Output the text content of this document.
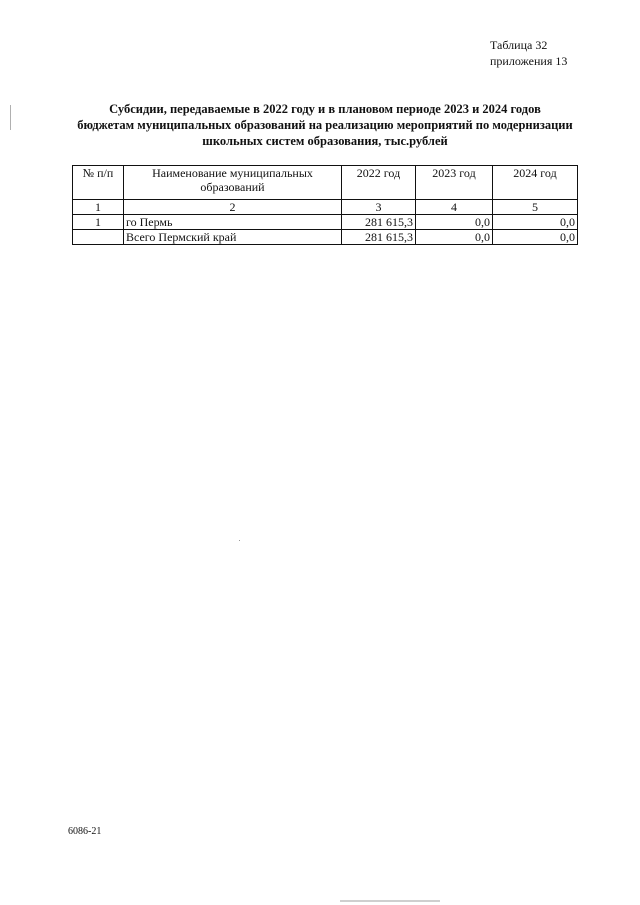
Таблица 32
приложения 13
Субсидии, передаваемые в 2022 году и в плановом периоде 2023 и 2024 годов
бюджетам муниципальных образований на реализацию мероприятий по модернизации
школьных систем образования, тыс.рублей
№ п/п	Наименование муниципальных образований	2022 год	2023 год	2024 год
1	2	3	4	5
1	го Пермь	281 615,3	0,0	0,0
	Всего Пермский край	281 615,3	0,0	0,0
6086-21
